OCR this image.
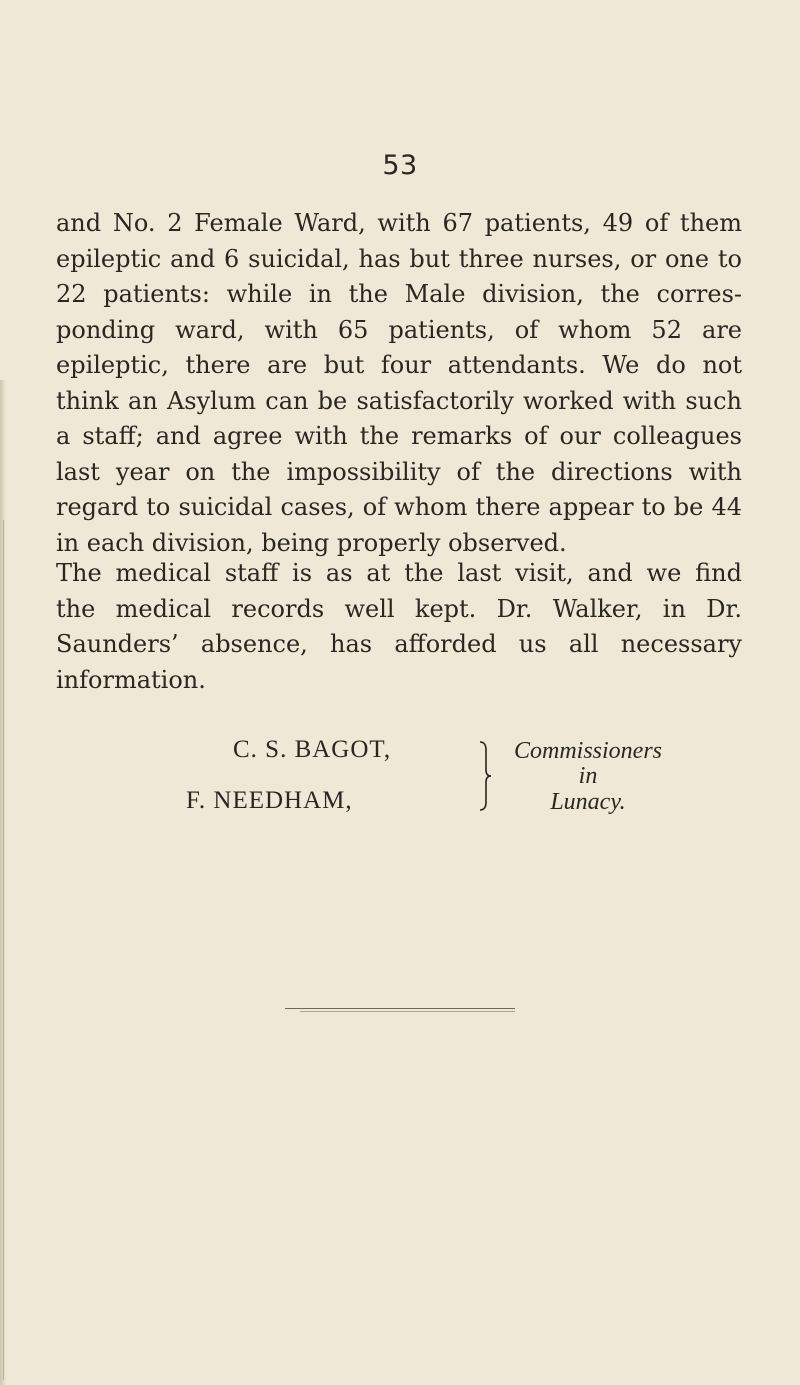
53
and No. 2 Female Ward, with 67 patients, 49 of them
epileptic and 6 suicidal, has but three nurses, or one to
22 patients: while in the Male division, the corres-
ponding ward, with 65 patients, of whom 52 are
epileptic, there are but four attendants. We do not
think an Asylum can be satisfactorily worked with such
a staff; and agree with the remarks of our colleagues
last year on the impossibility of the directions with
regard to suicidal cases, of whom there appear to be 44
in each division, being properly observed.
The medical staff is as at the last visit, and we find
the medical records well kept. Dr. Walker, in Dr.
Saunders’ absence, has afforded us all necessary
information.
C. S. BAGOT,
F. NEEDHAM,
Commissioners
in
Lunacy.
